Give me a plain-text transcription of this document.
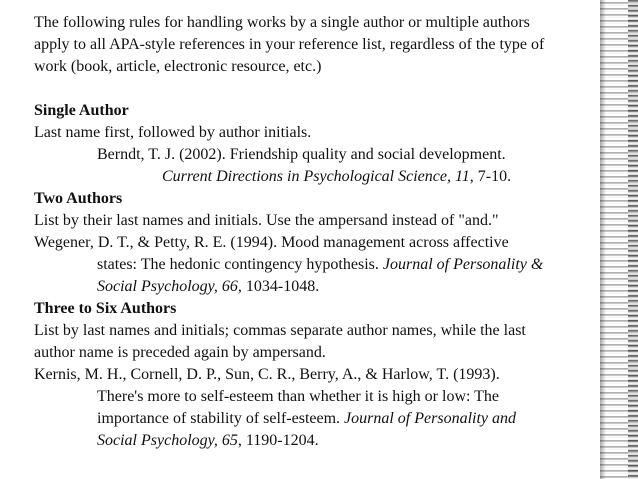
The following rules for handling works by a single author or multiple authors
apply to all APA-style references in your reference list, regardless of the type of
work (book, article, electronic resource, etc.)
Single Author
Last name first, followed by author initials.
Berndt, T. J. (2002). Friendship quality and social development.
Current Directions in Psychological Science, 11, 7-10.
Two Authors
List by their last names and initials. Use the ampersand instead of "and."
Wegener, D. T., & Petty, R. E. (1994). Mood management across affective
states: The hedonic contingency hypothesis. Journal of Personality &
Social Psychology, 66, 1034-1048.
Three to Six Authors
List by last names and initials; commas separate author names, while the last
author name is preceded again by ampersand.
Kernis, M. H., Cornell, D. P., Sun, C. R., Berry, A., & Harlow, T. (1993).
There's more to self-esteem than whether it is high or low: The
importance of stability of self-esteem. Journal of Personality and
Social Psychology, 65, 1190-1204.
